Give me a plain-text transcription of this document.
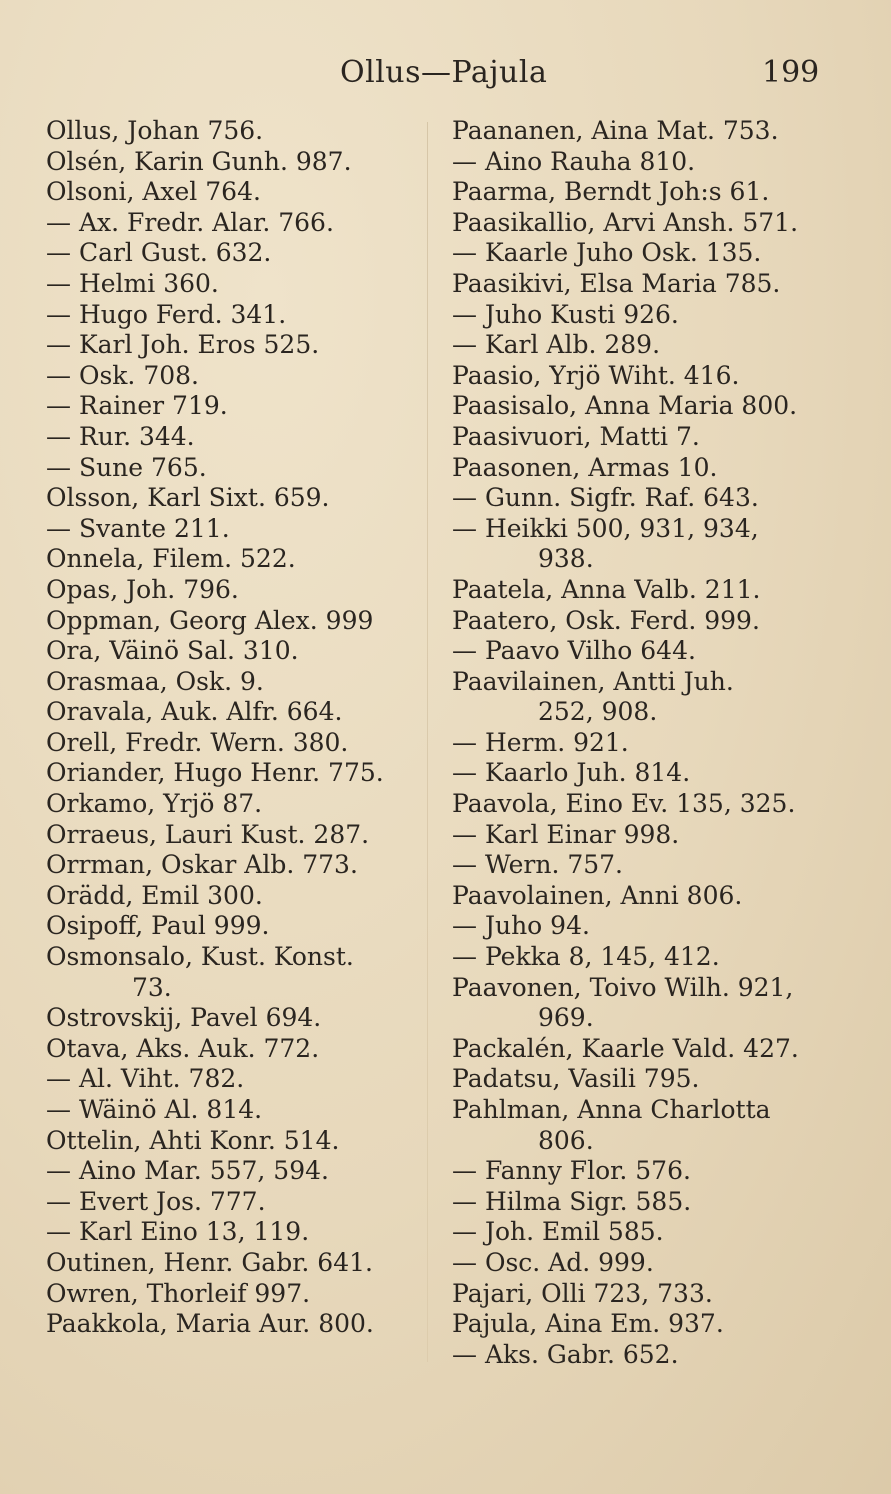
Ollus—Pajula	199
Ollus, Johan 756.
Olsén, Karin Gunh. 987.
Olsoni, Axel 764.
— Ax. Fredr. Alar. 766.
— Carl Gust. 632.
— Helmi 360.
— Hugo Ferd. 341.
— Karl Joh. Eros 525.
— Osk. 708.
— Rainer 719.
— Rur. 344.
— Sune 765.
Olsson, Karl Sixt. 659.
— Svante 211.
Onnela, Filem. 522.
Opas, Joh. 796.
Oppman, Georg Alex. 999
Ora, Väinö Sal. 310.
Orasmaa, Osk. 9.
Oravala, Auk. Alfr. 664.
Orell, Fredr. Wern. 380.
Oriander, Hugo Henr. 775.
Orkamo, Yrjö 87.
Orraeus, Lauri Kust. 287.
Orrman, Oskar Alb. 773.
Orädd, Emil 300.
Osipoff, Paul 999.
Osmonsalo, Kust. Konst.
73.
Ostrovskij, Pavel 694.
Otava, Aks. Auk. 772.
— Al. Viht. 782.
— Wäinö Al. 814.
Ottelin, Ahti Konr. 514.
— Aino Mar. 557, 594.
— Evert Jos. 777.
— Karl Eino 13, 119.
Outinen, Henr. Gabr. 641.
Owren, Thorleif 997.
Paakkola, Maria Aur. 800.
Paananen, Aina Mat. 753.
— Aino Rauha 810.
Paarma, Berndt Joh:s 61.
Paasikallio, Arvi Ansh. 571.
— Kaarle Juho Osk. 135.
Paasikivi, Elsa Maria 785.
— Juho Kusti 926.
— Karl Alb. 289.
Paasio, Yrjö Wiht. 416.
Paasisalo, Anna Maria 800.
Paasivuori, Matti 7.
Paasonen, Armas 10.
— Gunn. Sigfr. Raf. 643.
— Heikki 500, 931, 934,
938.
Paatela, Anna Valb. 211.
Paatero, Osk. Ferd. 999.
— Paavo Vilho 644.
Paavilainen, Antti Juh.
252, 908.
— Herm. 921.
— Kaarlo Juh. 814.
Paavola, Eino Ev. 135, 325.
— Karl Einar 998.
— Wern. 757.
Paavolainen, Anni 806.
— Juho 94.
— Pekka 8, 145, 412.
Paavonen, Toivo Wilh. 921,
969.
Packalén, Kaarle Vald. 427.
Padatsu, Vasili 795.
Pahlman, Anna Charlotta
806.
— Fanny Flor. 576.
— Hilma Sigr. 585.
— Joh. Emil 585.
— Osc. Ad. 999.
Pajari, Olli 723, 733.
Pajula, Aina Em. 937.
— Aks. Gabr. 652.
